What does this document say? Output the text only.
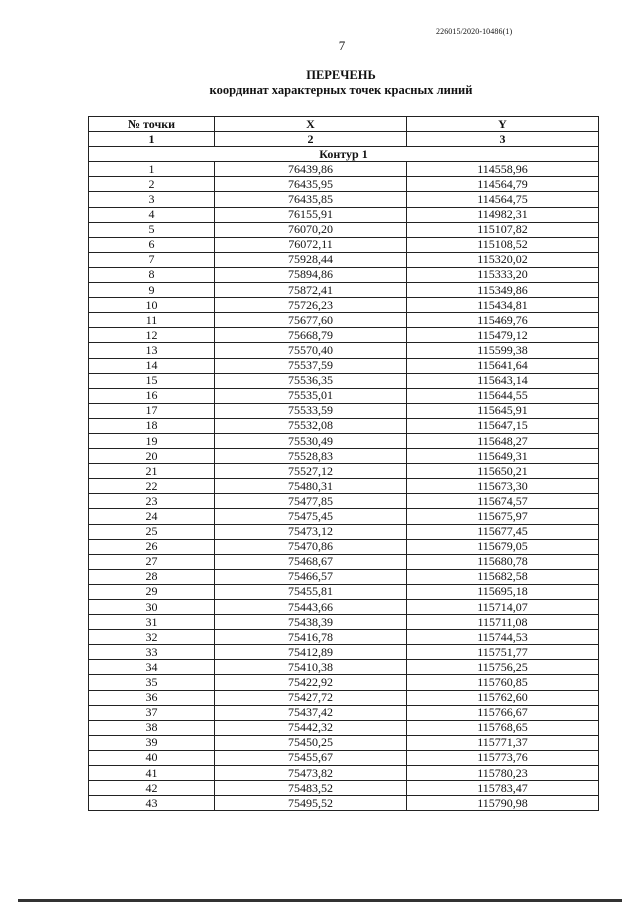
226015/2020-10486(1)
7
ПЕРЕЧЕНЬ
координат характерных точек красных линий
№ точки	X	Y
1	2	3
Контур 1		
1	76439,86	114558,96
2	76435,95	114564,79
3	76435,85	114564,75
4	76155,91	114982,31
5	76070,20	115107,82
6	76072,11	115108,52
7	75928,44	115320,02
8	75894,86	115333,20
9	75872,41	115349,86
10	75726,23	115434,81
11	75677,60	115469,76
12	75668,79	115479,12
13	75570,40	115599,38
14	75537,59	115641,64
15	75536,35	115643,14
16	75535,01	115644,55
17	75533,59	115645,91
18	75532,08	115647,15
19	75530,49	115648,27
20	75528,83	115649,31
21	75527,12	115650,21
22	75480,31	115673,30
23	75477,85	115674,57
24	75475,45	115675,97
25	75473,12	115677,45
26	75470,86	115679,05
27	75468,67	115680,78
28	75466,57	115682,58
29	75455,81	115695,18
30	75443,66	115714,07
31	75438,39	115711,08
32	75416,78	115744,53
33	75412,89	115751,77
34	75410,38	115756,25
35	75422,92	115760,85
36	75427,72	115762,60
37	75437,42	115766,67
38	75442,32	115768,65
39	75450,25	115771,37
40	75455,67	115773,76
41	75473,82	115780,23
42	75483,52	115783,47
43	75495,52	115790,98
